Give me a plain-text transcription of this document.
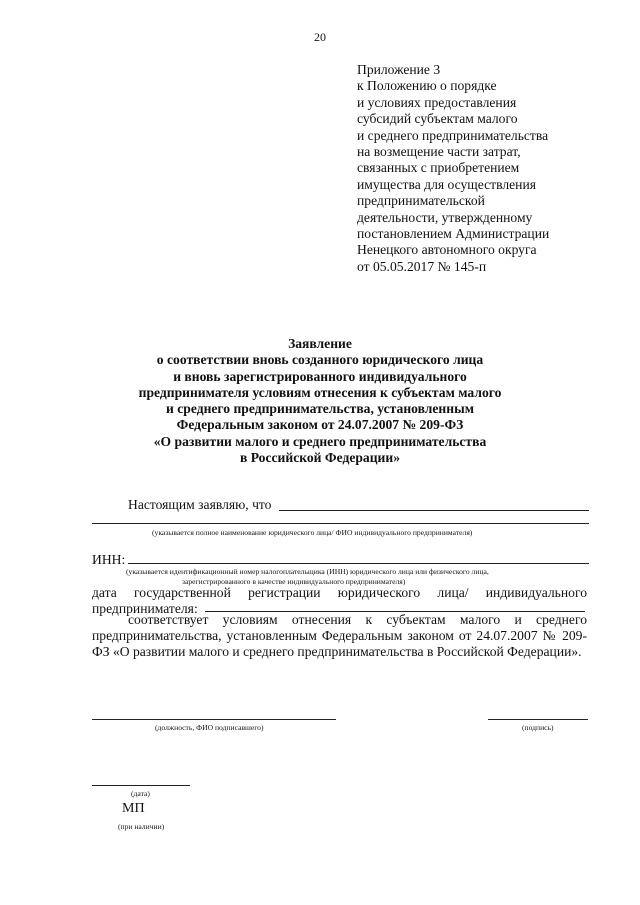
20
Приложение 3
к Положению о порядке
и условиях предоставления
субсидий субъектам малого
и среднего предпринимательства
на возмещение части затрат,
связанных с приобретением
имущества для осуществления
предпринимательской
деятельности, утвержденному
постановлением Администрации
Ненецкого автономного округа
от 05.05.2017 № 145-п
Заявление
о соответствии вновь созданного юридического лица
и вновь зарегистрированного индивидуального
предпринимателя условиям отнесения к субъектам малого
и среднего предпринимательства, установленным
Федеральным законом от 24.07.2007 № 209-ФЗ
«О развитии малого и среднего предпринимательства
в Российской Федерации»
Настоящим заявляю, что
(указывается полное наименование юридического лица/ ФИО индивидуального предпринимателя)
ИНН:
(указывается идентификационный номер налогоплательщика (ИНН) юридического лица или физического лица,
зарегистрированного в качестве индивидуального предпринимателя)
дата государственной регистрации юридического лица/ индивидуального предпринимателя:
соответствует условиям отнесения к субъектам малого и среднего предпринимательства, установленным Федеральным законом от 24.07.2007 № 209-ФЗ «О развитии малого и среднего предпринимательства в Российской Федерации».
(должность, ФИО подписавшего)	(подпись)
(дата)
МП
(при наличии)
